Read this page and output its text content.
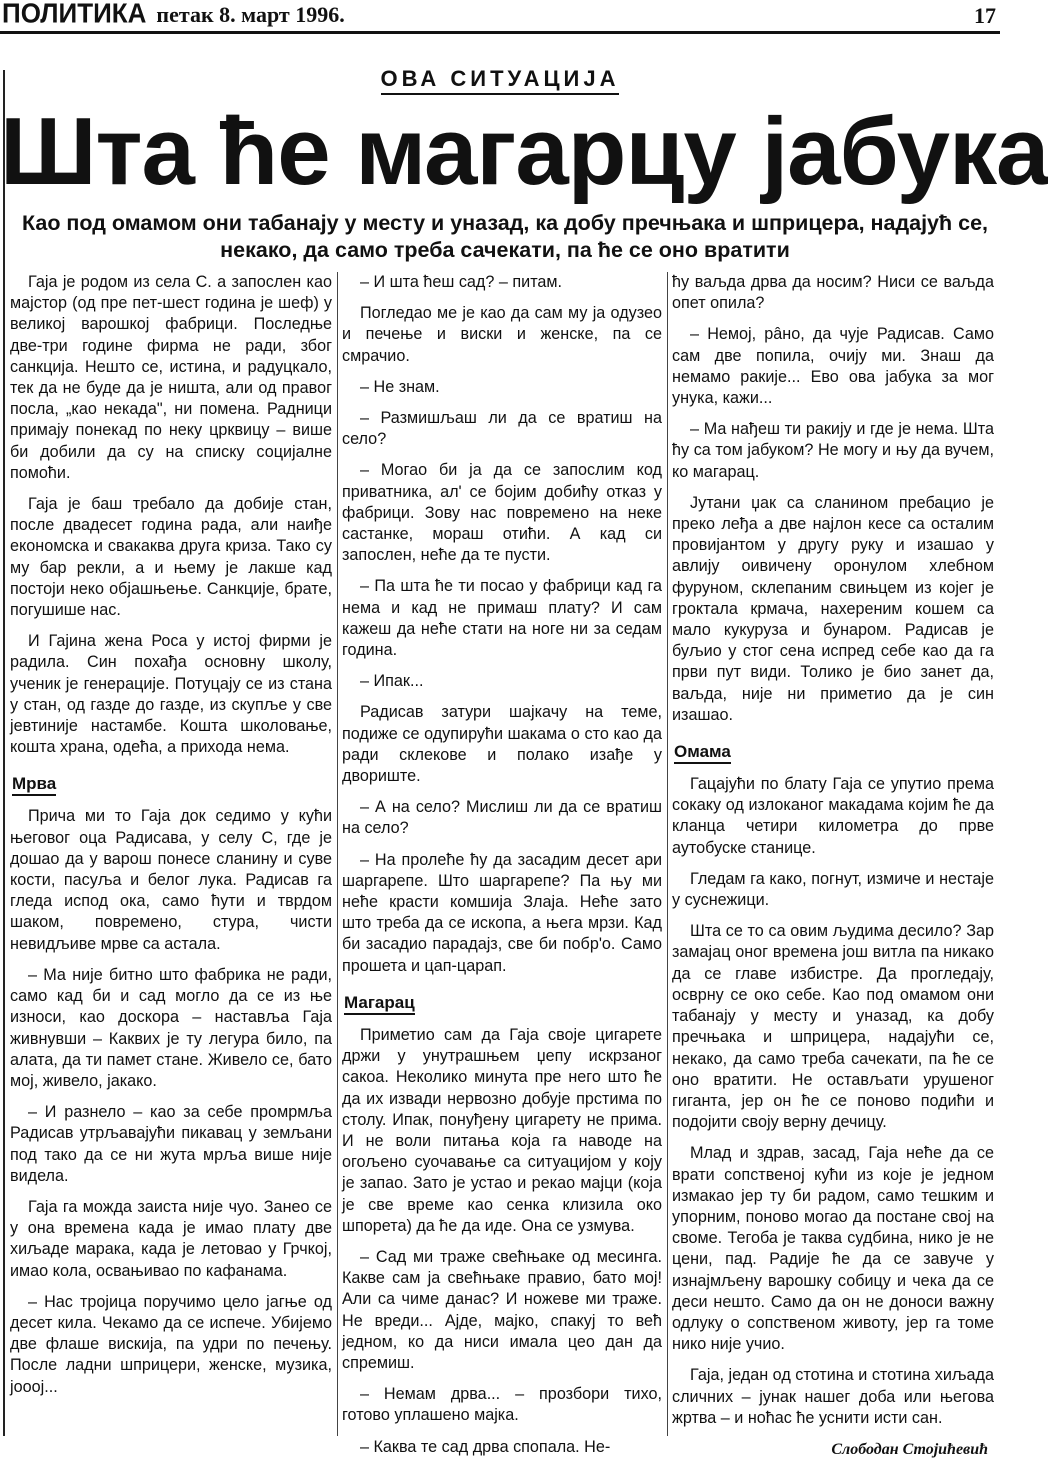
ПОЛИТИКА петак 8. март 1996.	17
ОВА СИТУАЦИЈА
Шта ће магарцу јабука
Као под омамом они табанају у месту и уназад, ка добу пречњака и шприцера, надајућ се, некако, да само треба сачекати, па ће се оно вратити

Гаја је родом из села С. а запослен као мајстор (од пре пет-шест година је шеф) у великој варошкој фабрици. Последње две-три године фирма не ради, због санкција. Нешто се, истина, и радуцкало, тек да не буде да је ништа, али од правог посла, „као некада", ни помена. Радници примају понекад по неку црквицу – више би добили да су на списку социјалне помоћи.

Гаја је баш требало да добије стан, после двадесет година рада, али наиђе економска и свакаква друга криза. Тако су му бар рекли, а и њему је лакше кад постоји неко објашњење. Санкције, брате, погушише нас.

И Гајина жена Роса у истој фирми је радила. Син похађа основну школу, ученик је генерације. Потуцају се из стана у стан, од газде до газде, из скупље у све јевтиније настамбе. Кошта школовање, кошта храна, одећа, а прихода нема.

Мрва

Прича ми то Гаја док седимо у кући његовог оца Радисава, у селу С, где је дошао да у варош понесе сланину и суве кости, пасуља и белог лука. Радисав га гледа испод ока, само ћути и тврдом шаком, повремено, стура, чисти невидљиве мрве са астала.

– Ма није битно што фабрика не ради, само кад би и сад могло да се из ње износи, као доскора – наставља Гаја живнувши – Каквих је ту легура било, па алата, да ти памет стане. Живело се, бато мој, живело, јакако.

– И разнело – као за себе промрмља Радисав утрљавајући пикавац у земљани под тако да се ни жута мрља више није видела.

Гаја га можда заиста није чуо. Занео се у она времена када је имао плату две хиљаде марака, када је летовао у Грчкој, имао кола, освањивао по кафанама.

– Нас тројица поручимо цело јагње од десет кила. Чекамо да се испече. Убијемо две флаше вискија, па удри по печењу. После ладни шприцери, женске, музика, јоооj...

– И шта ћеш сад? – питам.

Погледао ме је као да сам му ја одузео и печење и виски и женске, па се смрачио.

– Не знам.

– Размишљаш ли да се вратиш на село?

– Могао би ја да се запослим код приватника, ал' се бојим добићу отказ у фабрици. Зову нас повремено на неке састанке, мораш отићи. А кад си запослен, неће да те пусти.

– Па шта ће ти посао у фабрици кад га нема и кад не примаш плату? И сам кажеш да неће стати на ноге ни за седам година.

– Ипак...

Радисав затури шајкачу на теме, подиже се одупирући шакама о сто као да ради склекове и полако изађе у двориште.

– А на село? Мислиш ли да се вратиш на село?

– На пролеће ћу да засадим десет ари шаргарепе. Што шаргарепе? Па њу ми неће красти комшија Злаја. Неће зато што треба да се ископа, а њега мрзи. Кад би засадио парадајз, све би побр'о. Само прошета и цап-царап.

Магарац

Приметио сам да Гаја своје цигарете држи у унутрашњем џепу искрзаног сакоа. Неколико минута пре него што ће да их извади нервозно добује прстима по столу. Ипак, понуђену цигарету не прима. И не воли питања која га наводе на огољено суочавање са ситуацијом у коју је запао. Зато је устао и рекао мајци (која је све време као сенка клизила око шпорета) да ће да иде. Она се узмува.

– Сад ми траже свећњаке од месинга. Какве сам ја свећњаке правио, бато мој! Али са чиме данас? И ножеве ми траже. Не вреди... Ајде, мајко, спакуј то већ једном, ко да ниси имала цео дан да спремиш.

– Немам дрва... – прозбори тихо, готово уплашено мајка.

– Каква те сад дрва спопала. Не-

ћу ваљда дрва да носим? Ниси се ваљда опет опила?

– Немој, рâно, да чује Радисав. Само сам две попила, очију ми. Знаш да немамо ракије... Ево ова јабука за мог унука, кажи...

– Ма нађеш ти ракију и где је нема. Шта ћу са том јабуком? Не могу и њу да вучем, ко магарац.

Јутани џак са сланином пребацио је преко леђа а две најлон кесе са осталим провијантом у другу руку и изашао у авлију оивичену оронулом хлебном фуруном, склепаним свињцем из којег је гроктала крмача, нахереним кошем са мало кукуруза и бунаром. Радисав је буљио у стог сена испред себе као да га први пут види. Толико је био занет да, ваљда, није ни приметио да је син изашао.

Омама

Гацајући по блату Гаја се упутио према сокаку од излоканог макадама којим ће да кланца четири километра до прве аутобуске станице.

Гледам га како, погнут, измиче и нестаје у суснежици.

Шта се то са овим људима десило? Зар замајац оног времена још витла па никако да се главе избистре. Да прогледају, осврну се око себе. Као под омамом они табанају у месту и уназад, ка добу пречњака и шприцера, надајући се, некако, да само треба сачекати, па ће се оно вратити. Не остављати урушеног гиганта, јер он ће се поново подићи и подојити своју верну дечицу.

Млад и здрав, засад, Гаја неће да се врати сопственој кући из које је једном измакао јер ту би радом, само тешким и упорним, поново могао да постане свој на своме. Тегоба је таква судбина, нико је не цени, пад. Радије ће да се завуче у изнајмљену варошку собицу и чека да се деси нешто. Само да он не доноси важну одлуку о сопственом животу, јер га томе нико није учио.

Гаја, један од стотина и стотина хиљада сличних – јунак нашег доба или његова жртва – и ноћас ће уснити исти сан.

Слободан Стојићевић
